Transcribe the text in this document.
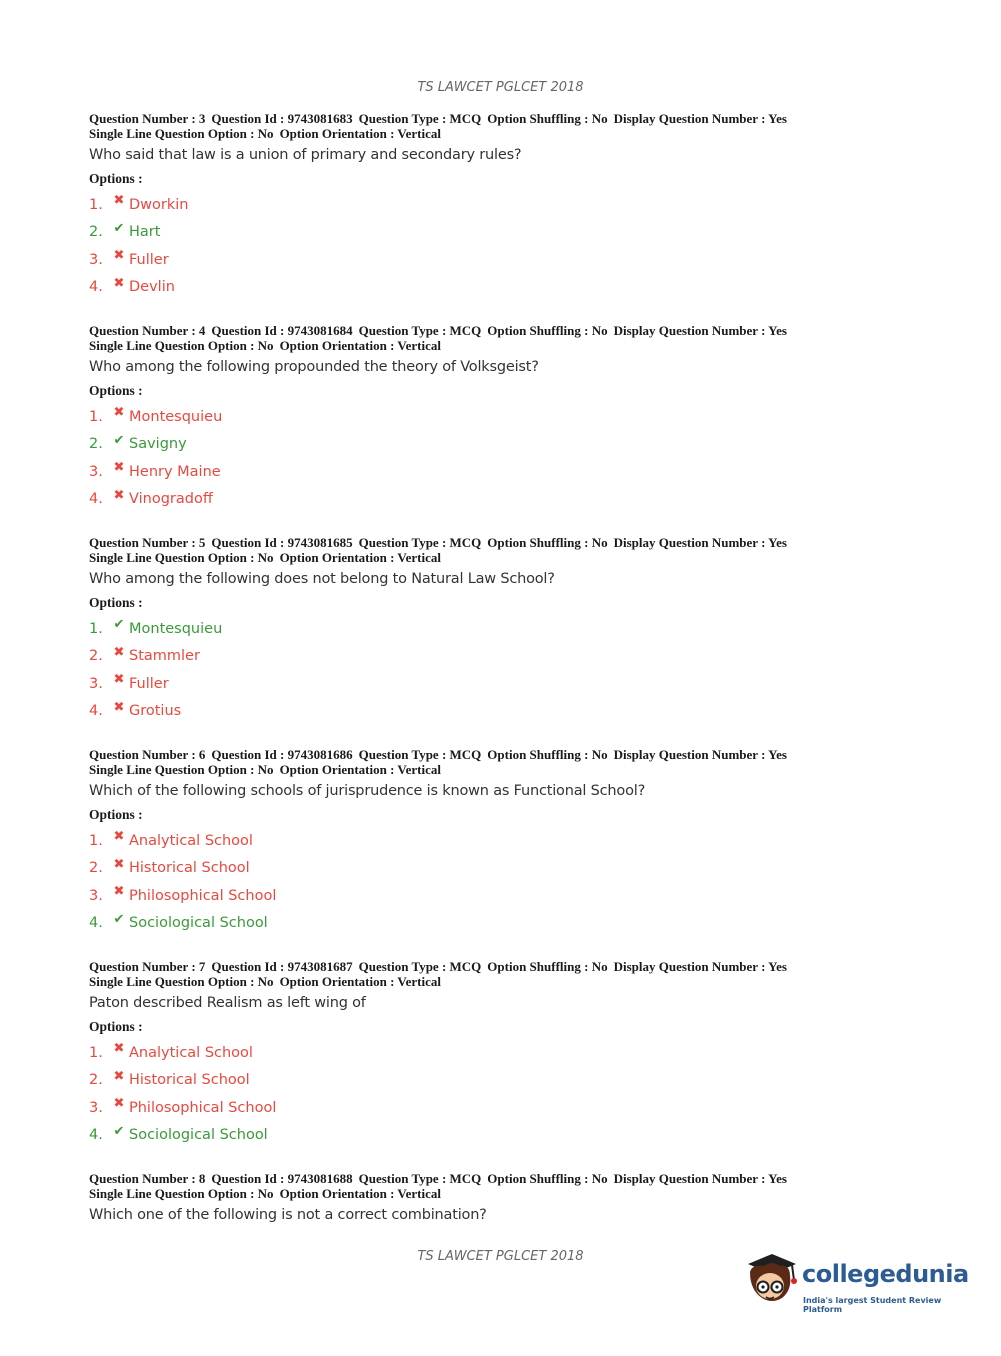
TS LAWCET PGLCET 2018
Question Number : 3 Question Id : 9743081683 Question Type : MCQ Option Shuffling : No Display Question Number : Yes
Single Line Question Option : No Option Orientation : Vertical
Who said that law is a union of primary and secondary rules?
Options :
1. ✖ Dworkin
2. ✔ Hart
3. ✖ Fuller
4. ✖ Devlin
Question Number : 4 Question Id : 9743081684 Question Type : MCQ Option Shuffling : No Display Question Number : Yes
Single Line Question Option : No Option Orientation : Vertical
Who among the following propounded the theory of Volksgeist?
Options :
1. ✖ Montesquieu
2. ✔ Savigny
3. ✖ Henry Maine
4. ✖ Vinogradoff
Question Number : 5 Question Id : 9743081685 Question Type : MCQ Option Shuffling : No Display Question Number : Yes
Single Line Question Option : No Option Orientation : Vertical
Who among the following does not belong to Natural Law School?
Options :
1. ✔ Montesquieu
2. ✖ Stammler
3. ✖ Fuller
4. ✖ Grotius
Question Number : 6 Question Id : 9743081686 Question Type : MCQ Option Shuffling : No Display Question Number : Yes
Single Line Question Option : No Option Orientation : Vertical
Which of the following schools of jurisprudence is known as Functional School?
Options :
1. ✖ Analytical School
2. ✖ Historical School
3. ✖ Philosophical School
4. ✔ Sociological School
Question Number : 7 Question Id : 9743081687 Question Type : MCQ Option Shuffling : No Display Question Number : Yes
Single Line Question Option : No Option Orientation : Vertical
Paton described Realism as left wing of
Options :
1. ✖ Analytical School
2. ✖ Historical School
3. ✖ Philosophical School
4. ✔ Sociological School
Question Number : 8 Question Id : 9743081688 Question Type : MCQ Option Shuffling : No Display Question Number : Yes
Single Line Question Option : No Option Orientation : Vertical
Which one of the following is not a correct combination?
TS LAWCET PGLCET 2018
collegedunia
India's largest Student Review Platform
